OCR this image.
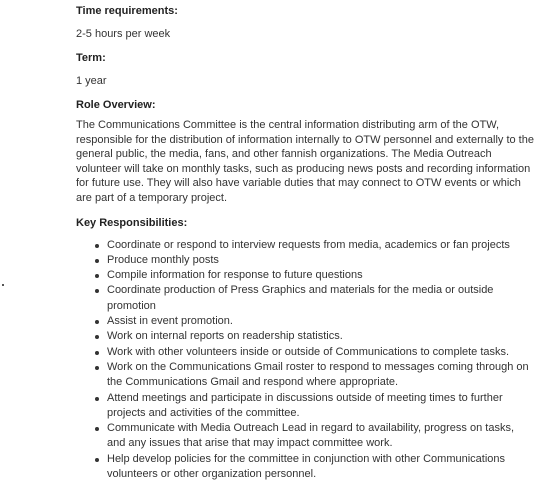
Time requirements:

2-5 hours per week

Term:

1 year

Role Overview:

The Communications Committee is the central information distributing arm of the OTW, responsible for the distribution of information internally to OTW personnel and externally to the general public, the media, fans, and other fannish organizations. The Media Outreach volunteer will take on monthly tasks, such as producing news posts and recording information for future use. They will also have variable duties that may connect to OTW events or which are part of a temporary project.

Key Responsibilities:

Coordinate or respond to interview requests from media, academics or fan projects
Produce monthly posts
Compile information for response to future questions
Coordinate production of Press Graphics and materials for the media or outside promotion
Assist in event promotion.
Work on internal reports on readership statistics.
Work with other volunteers inside or outside of Communications to complete tasks.
Work on the Communications Gmail roster to respond to messages coming through on the Communications Gmail and respond where appropriate.
Attend meetings and participate in discussions outside of meeting times to further projects and activities of the committee.
Communicate with Media Outreach Lead in regard to availability, progress on tasks, and any issues that arise that may impact committee work.
Help develop policies for the committee in conjunction with other Communications volunteers or other organization personnel.
